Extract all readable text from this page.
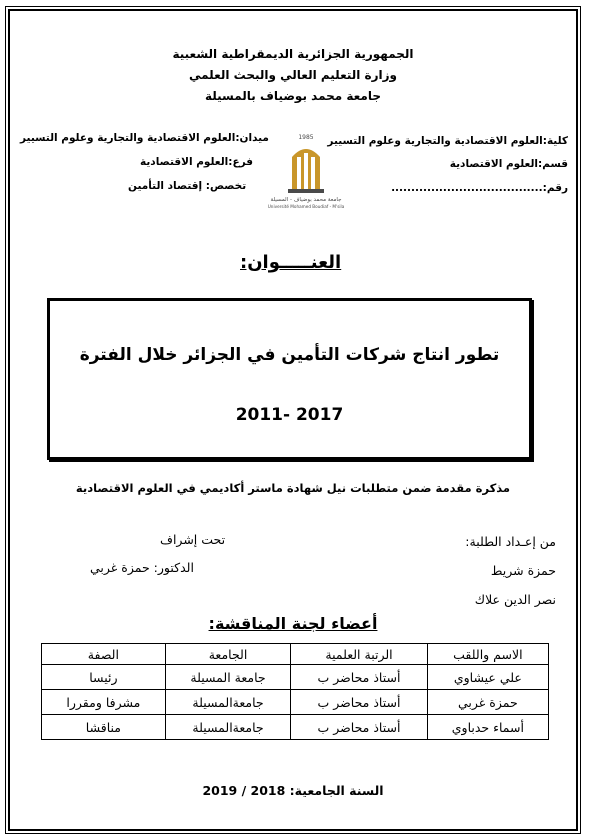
الجمهورية الجزائرية الديمقراطية الشعبية
وزارة التعليم العالي والبحث العلمي
جامعة محمد بوضياف بالمسيلة
كلية:العلوم الاقتصادية والتجارية وعلوم التسيير
قسم:العلوم الاقتصادية
رقم:......................................
ميدان:العلوم الاقتصادية والتجارية وعلوم التسيير
فرع:العلوم الاقتصادية
تخصص: إقتصاد التأمين
1985
جامعة محمد بوضياف - المسيلة
Université Mohamed Boudiaf - M'sila
العنـــــوان:
تطور انتاج شركات التأمين في الجزائر خلال الفترة
2011- 2017
مذكرة مقدمة ضمن متطلبات نيل شهادة ماستر أكاديمي في العلوم الاقتصادية
من إعـداد الطلبة:
حمزة شريط
نصر الدين علاك
تحت إشراف
الدكتور: حمزة غربي
أعضاء لجنة المناقشة:
الاسم واللقب	الرتبة العلمية	الجامعة	الصفة
علي عيشاوي	أستاذ محاضر ب	جامعة المسيلة	رئيسا
حمزة غربي	أستاذ محاضر ب	جامعةالمسيلة	مشرفا ومقررا
أسماء حدباوي	أستاذ محاضر ب	جامعةالمسيلة	مناقشا
السنة الجامعية: 2018 / 2019
